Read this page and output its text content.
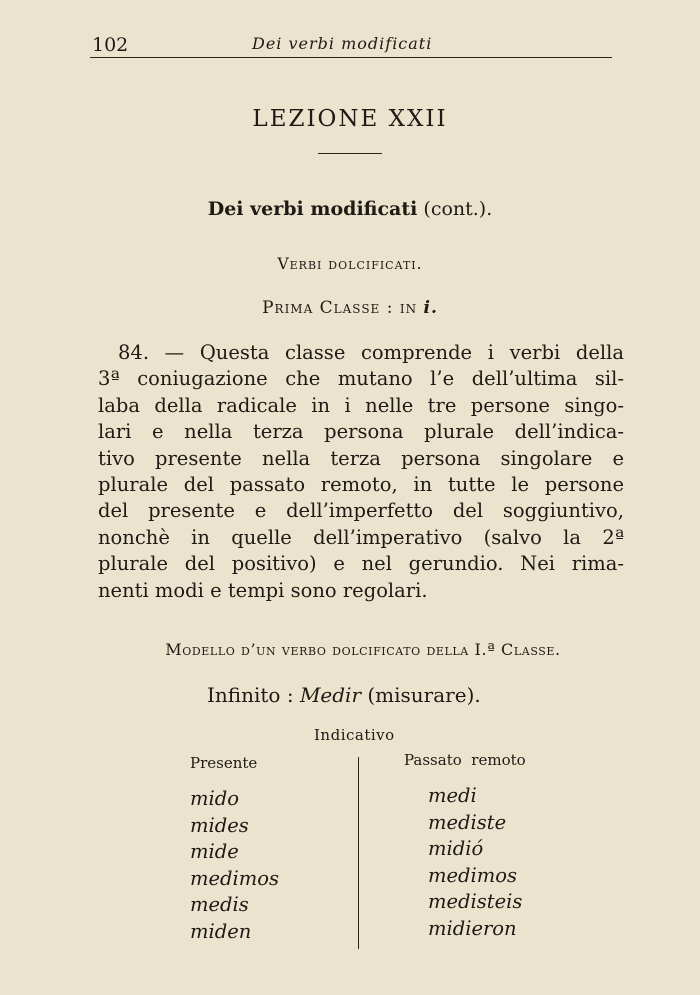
102	Dei verbi modificati
LEZIONE XXII
Dei verbi modificati (cont.).
Verbi dolcificati.
Prima Classe : in i.
84. — Questa classe comprende i verbi della
3ª coniugazione che mutano l’e dell’ultima sil-
laba della radicale in i nelle tre persone singo-
lari e nella terza persona plurale dell’indica-
tivo presente nella terza persona singolare e
plurale del passato remoto, in tutte le persone
del presente e dell’imperfetto del soggiuntivo,
nonchè in quelle dell’imperativo (salvo la 2ª
plurale del positivo) e nel gerundio. Nei rima-
nenti modi e tempi sono regolari.
Modello d’un verbo dolcificato della I.ª Classe.
Infinito : Medir (misurare).
Indicativo
Presente	Passato  remoto
mido
mides
mide
medimos
medis
miden
medi
mediste
midió
medimos
medisteis
midieron
